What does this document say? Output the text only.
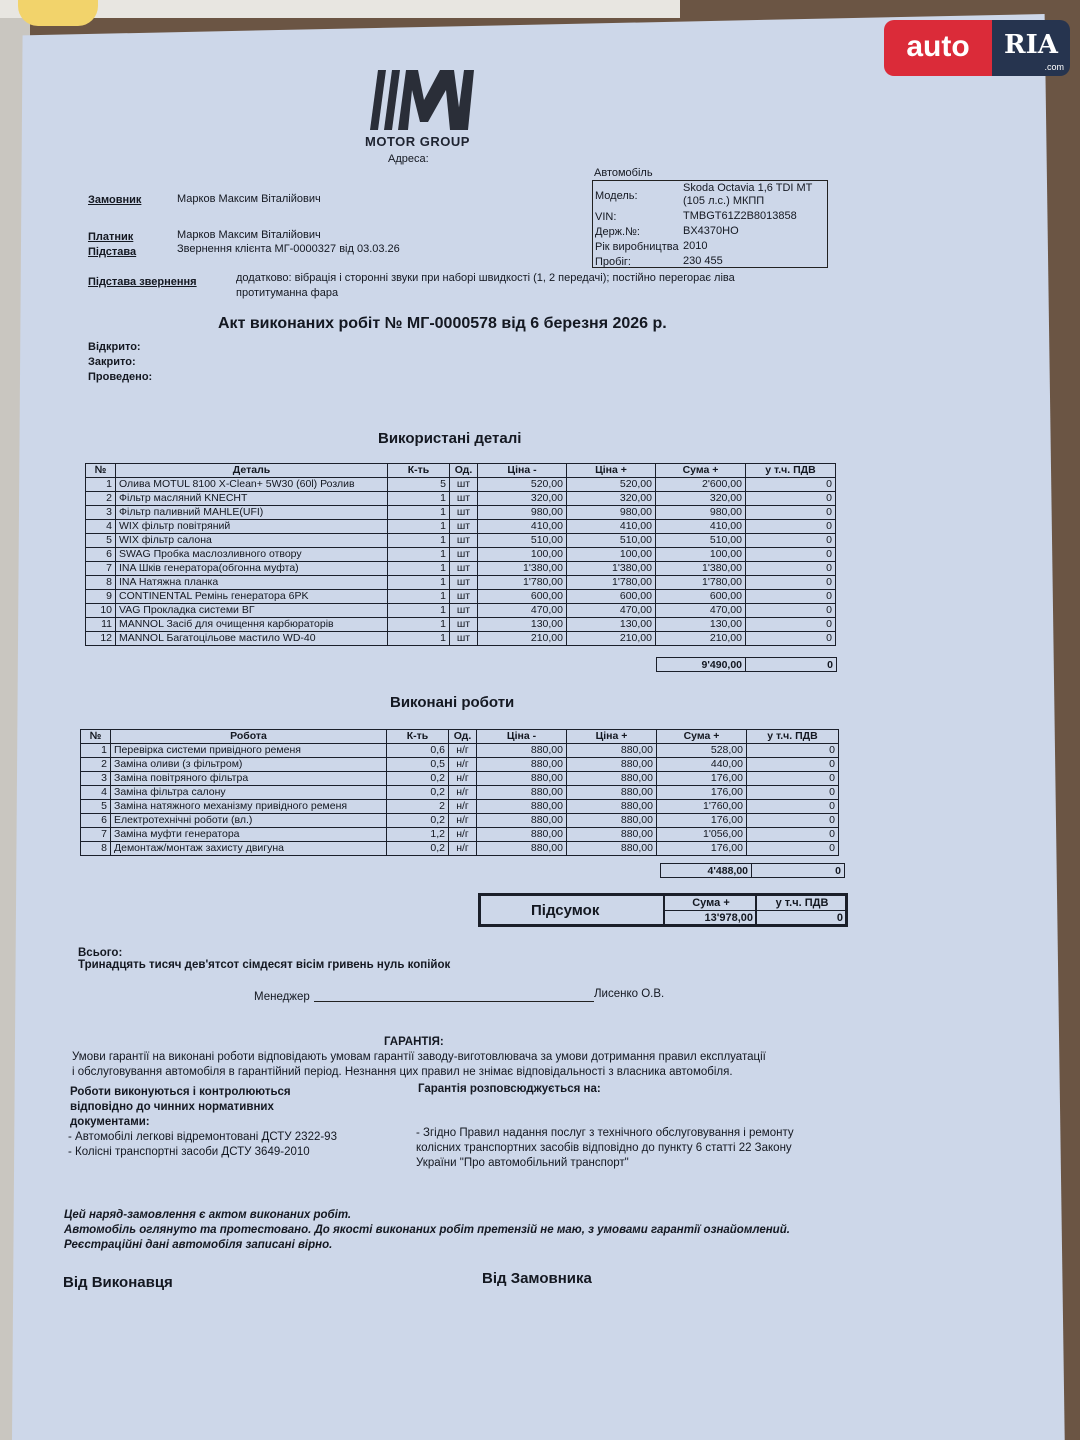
MOTOR GROUP
Адреса:
Замовник	Марков Максим Віталійович
Платник	Марков Максим Віталійович
Підстава	Звернення клієнта МГ-0000327 від 03.03.26
Підстава звернення	додатково: вібрація і сторонні звуки при наборі швидкості (1, 2 передачі); постійно перегорає ліва
протитуманна фара
Автомобіль
Модель:
Skoda Octavia 1,6 TDI MT
(105 л.с.) МКПП
VIN:	TMBGT61Z2B8013858
Держ.№:	BX4370HO
Рік виробництва 2010
Пробіг:	230 455
Акт виконаних робіт № МГ-0000578 від 6 березня 2026 р.
Відкрито:
Закрито:
Проведено:
Використані деталі
№	Деталь	К-ть	Од.	Ціна -	Ціна +	Сума +	у т.ч. ПДВ
1	Олива MOTUL 8100 X-Clean+ 5W30 (60l) Розлив	5	шт	520,00	520,00	2'600,00	0
2	Фільтр масляний KNECHT	1	шт	320,00	320,00	320,00	0
3	Фільтр паливний MAHLE(UFI)	1	шт	980,00	980,00	980,00	0
4	WIX фільтр повітряний	1	шт	410,00	410,00	410,00	0
5	WIX фільтр салона	1	шт	510,00	510,00	510,00	0
6	SWAG Пробка маслозливного отвору	1	шт	100,00	100,00	100,00	0
7	INA Шків генератора(обгонна муфта)	1	шт	1'380,00	1'380,00	1'380,00	0
8	INA Натяжна планка	1	шт	1'780,00	1'780,00	1'780,00	0
9	CONTINENTAL Ремінь генератора 6PK	1	шт	600,00	600,00	600,00	0
10	VAG Прокладка системи ВГ	1	шт	470,00	470,00	470,00	0
11	MANNOL Засіб для очищення карбюраторів	1	шт	130,00	130,00	130,00	0
12	MANNOL Багатоцільове мастило WD-40	1	шт	210,00	210,00	210,00	0
9'490,00	0
Виконані роботи
№	Робота	К-ть	Од.	Ціна -	Ціна +	Сума +	у т.ч. ПДВ
1	Перевірка системи привідного ременя	0,6	н/г	880,00	880,00	528,00	0
2	Заміна оливи (з фільтром)	0,5	н/г	880,00	880,00	440,00	0
3	Заміна повітряного фільтра	0,2	н/г	880,00	880,00	176,00	0
4	Заміна фільтра салону	0,2	н/г	880,00	880,00	176,00	0
5	Заміна натяжного механізму привідного ременя	2	н/г	880,00	880,00	1'760,00	0
6	Електротехнічні роботи (вл.)	0,2	н/г	880,00	880,00	176,00	0
7	Заміна муфти генератора	1,2	н/г	880,00	880,00	1'056,00	0
8	Демонтаж/монтаж захисту двигуна	0,2	н/г	880,00	880,00	176,00	0
4'488,00	0
Підсумок	Сума +	у т.ч. ПДВ
13'978,00	0
Всього:
Тринадцять тисяч дев'ятсот сімдесят вісім гривень нуль копійок
Менеджер	Лисенко О.В.
ГАРАНТІЯ:
Умови гарантії на виконані роботи відповідають умовам гарантії заводу-виготовлювача за умови дотримання правил експлуатації
і обслуговування автомобіля в гарантійний період. Незнання цих правил не знімає відповідальності з власника автомобіля.
Роботи виконуються і контролюються
відповідно до чинних нормативних
документами:
- Автомобілі легкові відремонтовані ДСТУ 2322-93
- Колісні транспортні засоби ДСТУ 3649-2010
Гарантія розповсюджується на:
- Згідно Правил надання послуг з технічного обслуговування і ремонту
колісних транспортних засобів відповідно до пункту 6 статті 22 Закону
України "Про автомобільний транспорт"
Цей наряд-замовлення є актом виконаних робіт.
Автомобіль оглянуто та протестовано. До якості виконаних робіт претензій не маю, з умовами гарантії ознайомлений.
Реєстраційні дані автомобіля записані вірно.
Від Виконавця	Від Замовника
auto	RIA
.com
